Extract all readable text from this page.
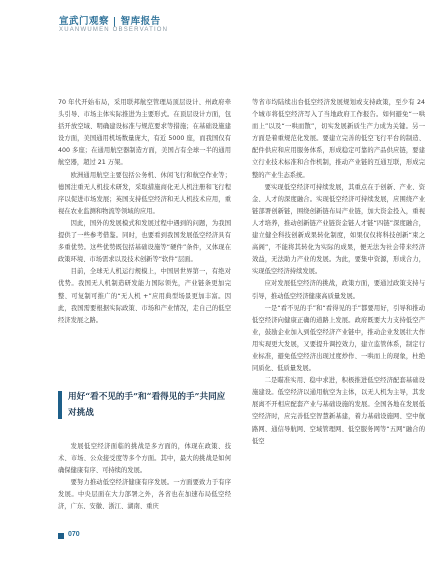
宣武门观察 | 智库报告
XUANWUMEN OBSERVATION

70 年代开始布局，采用联邦航空管理局顶层设计、州政府牵头引导、市场主体实际推进为主要形式。在顶层设计方面，包括开放空域、明确建设标准与规范要求等措施；在基础设施建设方面，美国通用机场数量庞大，有近 5000 座，而我国仅有 400 多座；在通用航空器制造方面，美国占有全球一半的通用航空器，超过 21 万架。

欧洲通用航空主要包括公务机、休闲飞行和航空作业等；德国注重无人机技术研发，采取措施商化无人机注册和飞行程序以促进市场发展；英国支持低空经济和无人机技术应用，重视在农业监测和物流等领域的应用。

因此，国外的发展模式和发展过程中遇到的问题，为我国提供了一些参考借鉴。同时，也要看到我国发展低空经济具有多重优势。这些优势既包括基础设施等“硬件”条件，又体现在政策环境、市场需求以及技术创新等“软件”层面。

目前，全球无人机运行规模上，中国居世界第一，有绝对优势。我国无人机制造研发能力国际领先，产业链条更加完整、可复制可推广的“无人机 +”应用典型场景更加丰富。因此，我国需要根据实际政策、市场和产业情况，走自己的低空经济发展之路。

用好“看不见的手”和“看得见的手”共同应对挑战

发展低空经济面临的挑战是多方面的，体现在政策、技术、市场、公众接受度等多个方面。其中，最大的挑战是如何确保健康有序、可持续的发展。

要努力推动低空经济健康有序发展。一方面要致力于有序发展。中央层面在大力部署之外，各省也在加速布局低空经济，广东、安徽、浙江、湖南、重庆

等省市均陆续出台低空经济发展规划或支持政策，至少有 24 个城市将低空经济写入了当地政府工作报告。如何避免“一哄而上”以及“一哄而散”，切实发展新质生产力成为关键。另一方面是着重规范化发展。要建立完善的低空飞行平台的制造、配件供应和应用服务体系，形成稳定可靠的产品供应链，要建立行业技术标准和合作机制，推动产业链的互通互联，形成完整的产业生态系统。

要实现低空经济可持续发展，其重点在于创新、产业、资金、人才的深度融合。实现低空经济可持续发展，应围绕产业链部署创新链，围绕创新链布局产业链，加大资金投入，重视人才培养，推动创新链产业链资金链人才链“四链”深度融合，建立健全科技创新成果转化制度，如果仅仅将科技创新“束之高阁”，不能将其转化为实际的成果，便无法为社会带来经济效益，无法助力产业的发展。为此，要集中资源，形成合力，实现低空经济持续发展。

应对发展低空经济的挑战，政策方面，要通过政策支持与引导，推动低空经济健康高质量发展。

一是“看不见的手”和“看得见的手”都要用好，引导和推动低空经济向健康正确的道路上发展。政府既要大力支持低空产业，鼓励企业加入到低空经济产业链中，推动企业发展壮大作用实现更大发展，又要提升调控效力，建立监管体系，制定行业标准，避免低空经济出现过度炒作、一哄而上的现象，杜绝同质化、低质量发展。

二是瞄准实用、稳中求进，积极推进低空经济配套基础设施建设。低空经济以通用航空为主体，以无人机为主导，其发展离不开相应配套产业与基础设施的发展。全国各地在发展低空经济时，应完善低空智慧新基建，着力基础设施网、空中航路网、通信导航网、空域管理网、低空服务网等“五网”融合的低空

070
